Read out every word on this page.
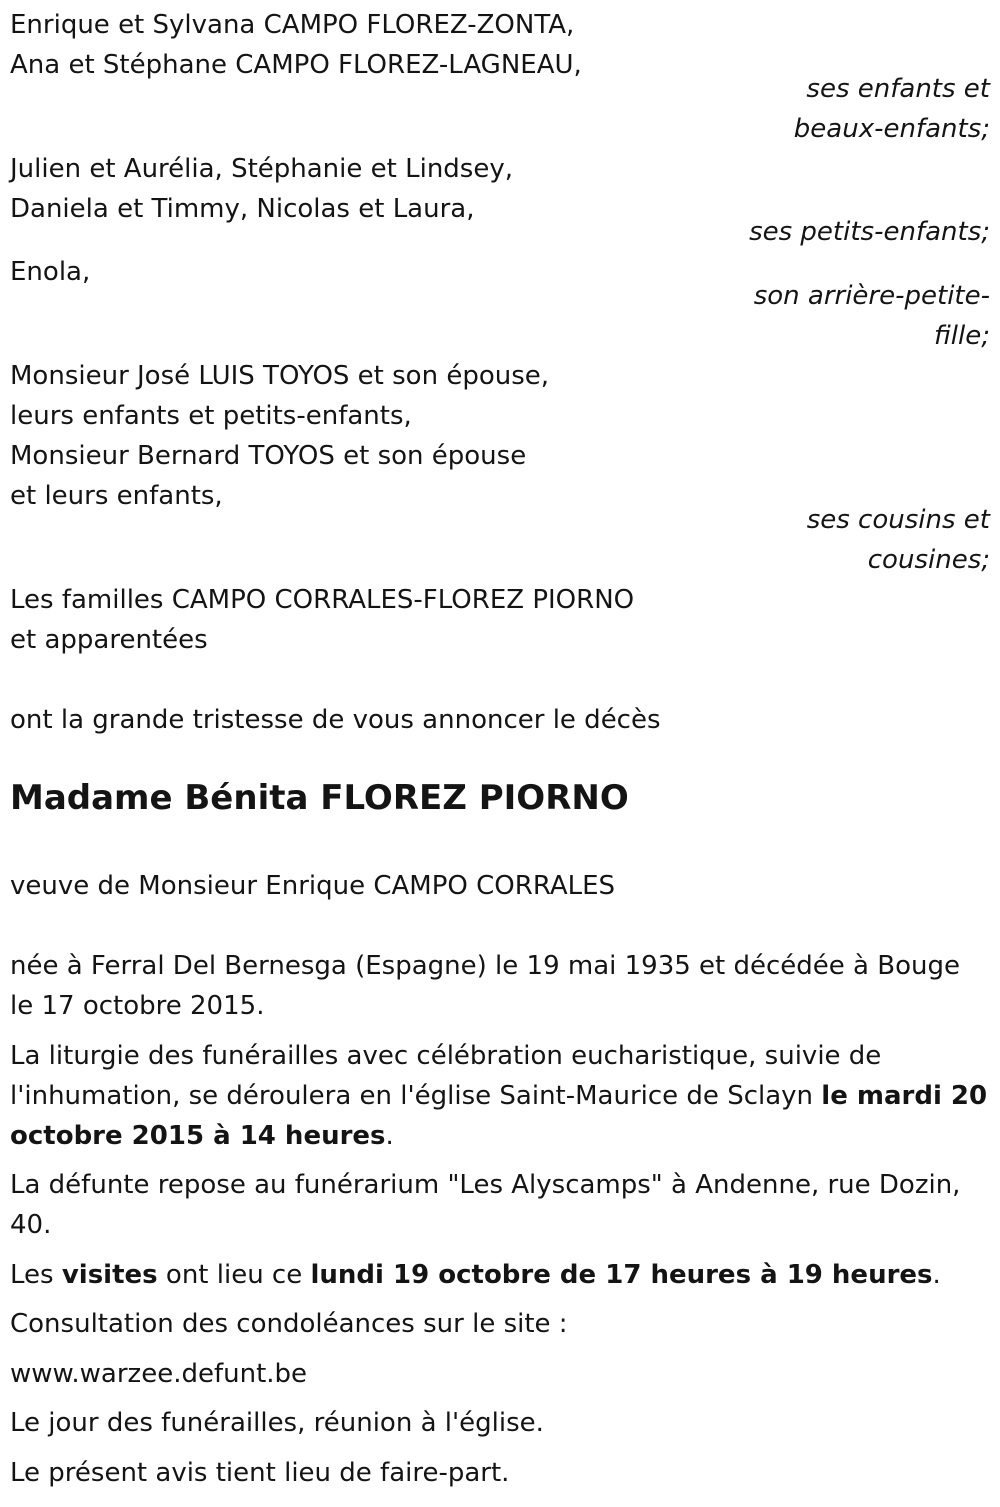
Enrique et Sylvana CAMPO FLOREZ-ZONTA,
Ana et Stéphane CAMPO FLOREZ-LAGNEAU,
ses enfants et
beaux-enfants;
Julien et Aurélia, Stéphanie et Lindsey,
Daniela et Timmy, Nicolas et Laura,
ses petits-enfants;
Enola,
son arrière-petite-
fille;
Monsieur José LUIS TOYOS et son épouse,
leurs enfants et petits-enfants,
Monsieur Bernard TOYOS et son épouse
et leurs enfants,
ses cousins et
cousines;
Les familles CAMPO CORRALES-FLOREZ PIORNO
et apparentées
ont la grande tristesse de vous annoncer le décès
Madame Bénita FLOREZ PIORNO
veuve de Monsieur Enrique CAMPO CORRALES
née à Ferral Del Bernesga (Espagne) le 19 mai 1935 et décédée à Bouge
le 17 octobre 2015.
La liturgie des funérailles avec célébration eucharistique, suivie de
l'inhumation, se déroulera en l'église Saint-Maurice de Sclayn le mardi 20
octobre 2015 à 14 heures.
La défunte repose au funérarium "Les Alyscamps" à Andenne, rue Dozin,
40.
Les visites ont lieu ce lundi 19 octobre de 17 heures à 19 heures.
Consultation des condoléances sur le site :
www.warzee.defunt.be
Le jour des funérailles, réunion à l'église.
Le présent avis tient lieu de faire-part.
